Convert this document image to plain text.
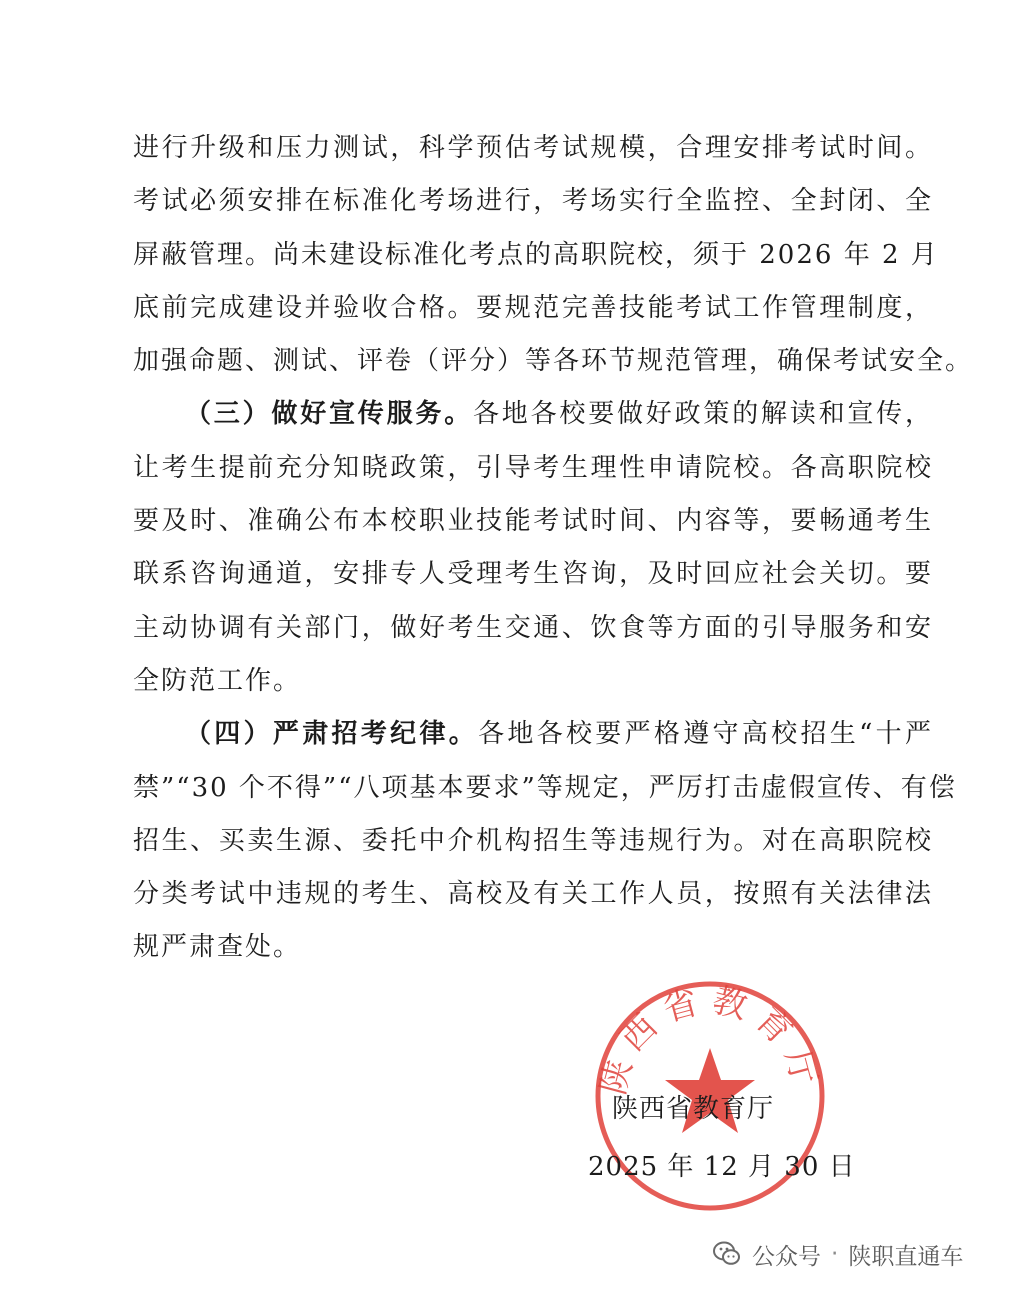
进行升级和压力测试，科学预估考试规模，合理安排考试时间。
考试必须安排在标准化考场进行，考场实行全监控、全封闭、全
屏蔽管理。尚未建设标准化考点的高职院校，须于 2026 年 2 月
底前完成建设并验收合格。要规范完善技能考试工作管理制度，
加强命题、测试、评卷（评分）等各环节规范管理，确保考试安全。
（三）做好宣传服务。各地各校要做好政策的解读和宣传，
让考生提前充分知晓政策，引导考生理性申请院校。各高职院校
要及时、准确公布本校职业技能考试时间、内容等，要畅通考生
联系咨询通道，安排专人受理考生咨询，及时回应社会关切。要
主动协调有关部门，做好考生交通、饮食等方面的引导服务和安
全防范工作。
（四）严肃招考纪律。各地各校要严格遵守高校招生“十严
禁”“30 个不得”“八项基本要求”等规定，严厉打击虚假宣传、有偿
招生、买卖生源、委托中介机构招生等违规行为。对在高职院校
分类考试中违规的考生、高校及有关工作人员，按照有关法律法
规严肃查处。
陕西省教育厅
陕西省教育厅
2025 年 12 月 30 日
公众号 · 陕职直通车
